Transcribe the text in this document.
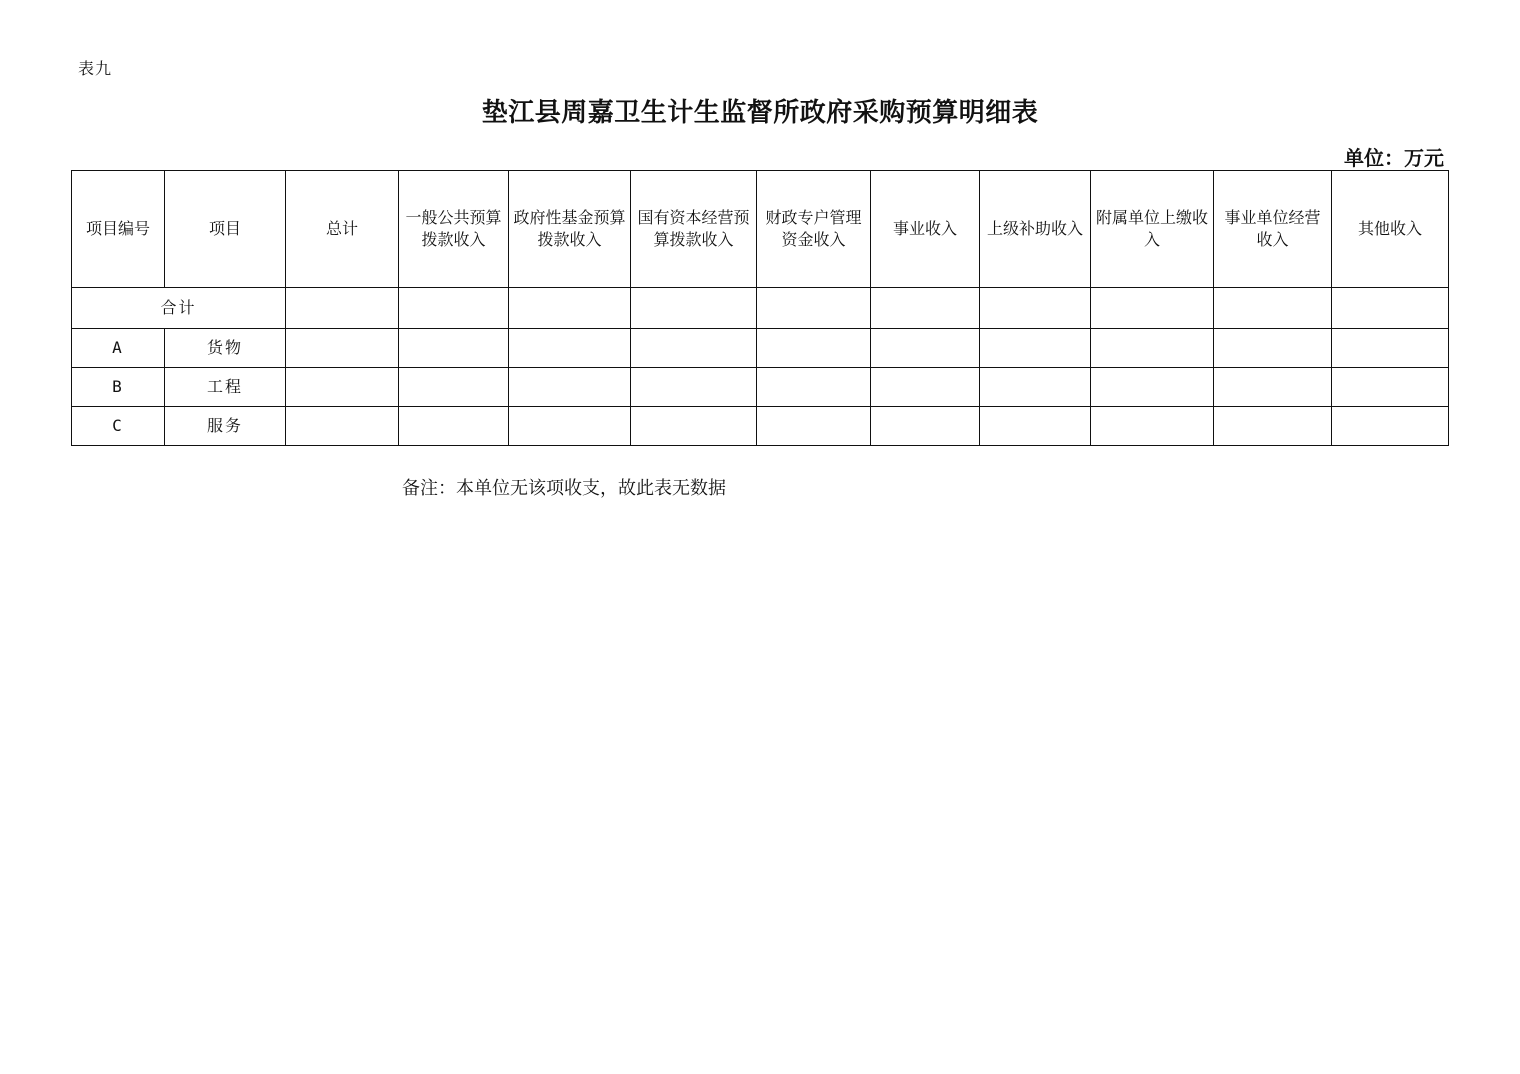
表九
垫江县周嘉卫生计生监督所政府采购预算明细表
单位：万元
项目编号	项目	总计	一般公共预算拨款收入	政府性基金预算拨款收入	国有资本经营预算拨款收入	财政专户管理资金收入	事业收入	上级补助收入	附属单位上缴收入	事业单位经营收入	其他收入
合计											
A	货物										
B	工程										
C	服务										
备注：本单位无该项收支，故此表无数据
